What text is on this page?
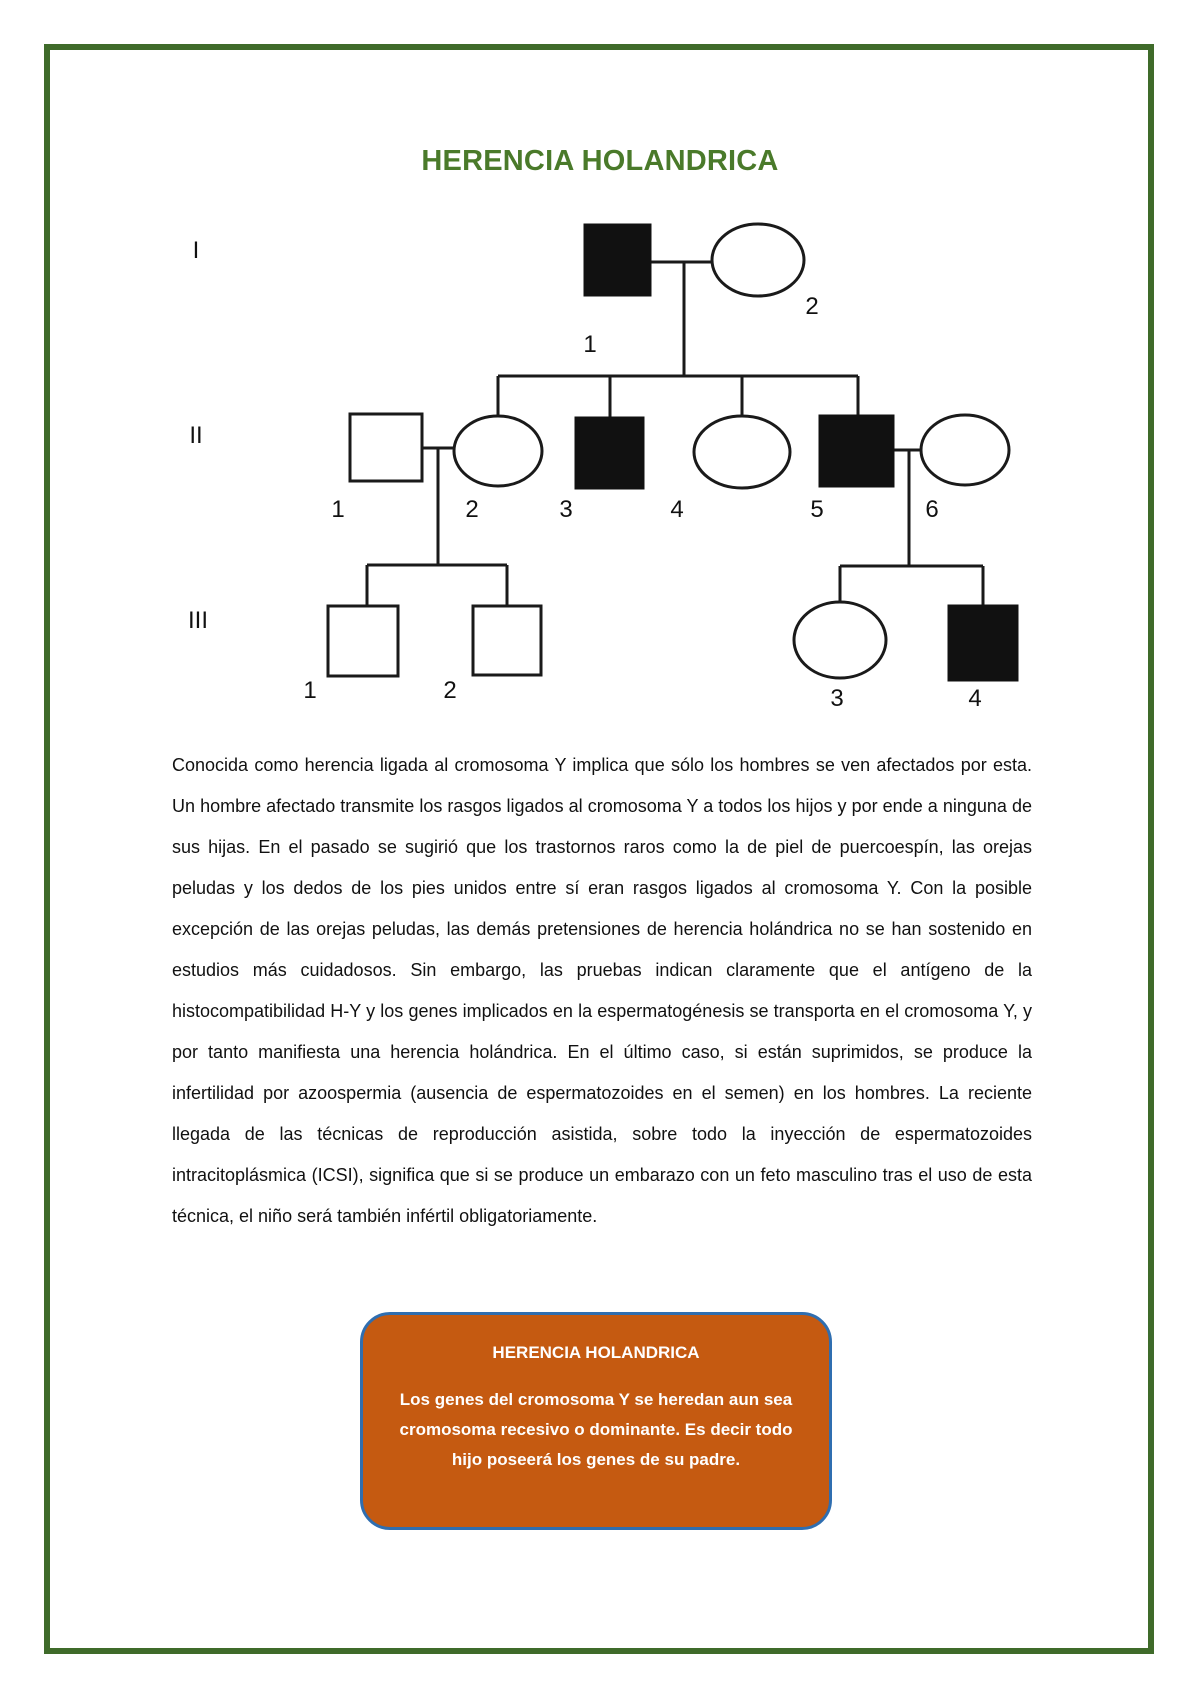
HERENCIA HOLANDRICA
I
II
III
1
2
1	2	3	4	5	6
1	2	3	4

Conocida como herencia ligada al cromosoma Y implica que sólo los hombres se ven afectados por esta. Un hombre afectado transmite los rasgos ligados al cromosoma Y a todos los hijos y por ende a ninguna de sus hijas. En el pasado se sugirió que los trastornos raros como la de piel de puercoespín, las orejas peludas y los dedos de los pies unidos entre sí eran rasgos ligados al cromosoma Y. Con la posible excepción de las orejas peludas, las demás pretensiones de herencia holándrica no se han sostenido en estudios más cuidadosos. Sin embargo, las pruebas indican claramente que el antígeno de la histocompatibilidad H-Y y los genes implicados en la espermatogénesis se transporta en el cromosoma Y, y por tanto manifiesta una herencia holándrica. En el último caso, si están suprimidos, se produce la infertilidad por azoospermia (ausencia de espermatozoides en el semen) en los hombres. La reciente llegada de las técnicas de reproducción asistida, sobre todo la inyección de espermatozoides intracitoplásmica (ICSI), significa que si se produce un embarazo con un feto masculino tras el uso de esta técnica, el niño será también infértil obligatoriamente.

HERENCIA HOLANDRICA

Los genes del cromosoma Y se heredan aun sea cromosoma recesivo o dominante. Es decir todo hijo poseerá los genes de su padre.
